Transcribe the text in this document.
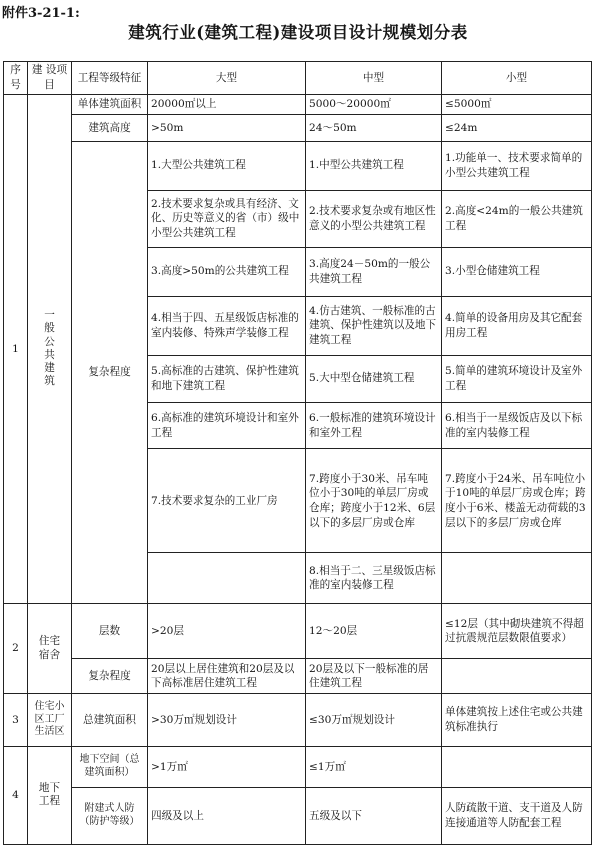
附件3-21-1:
建筑行业(建筑工程)建设项目设计规模划分表
序号	建 设项 目	工程等级特征	大型	中型	小型
1	一般公共建筑	单体建筑面积	20000㎡以上	5000～20000㎡	≤5000㎡
		建筑高度	>50m	24～50m	≤24m
		复杂程度	1.大型公共建筑工程	1.中型公共建筑工程	1.功能单一、技术要求简单的小型公共建筑工程
			2.技术要求复杂或具有经济、文化、历史等意义的省（市）级中小型公共建筑工程	2.技术要求复杂或有地区性意义的小型公共建筑工程	2.高度<24m的一般公共建筑工程
			3.高度>50m的公共建筑工程	3.高度24－50m的一般公共建筑工程	3.小型仓储建筑工程
			4.相当于四、五星级饭店标准的室内装修、特殊声学装修工程	4.仿古建筑、一般标准的古建筑、保护性建筑以及地下建筑工程	4.简单的设备用房及其它配套用房工程
			5.高标准的古建筑、保护性建筑和地下建筑工程	5.大中型仓储建筑工程	5.简单的建筑环境设计及室外工程
			6.高标准的建筑环境设计和室外工程	6.一般标准的建筑环境设计和室外工程	6.相当于一星级饭店及以下标准的室内装修工程
			7.技术要求复杂的工业厂房	7.跨度小于30米、吊车吨位小于30吨的单层厂房或仓库；跨度小于12米、6层以下的多层厂房或仓库	7.跨度小于24米、吊车吨位小于10吨的单层厂房或仓库；跨度小于6米、楼盖无动荷载的3层以下的多层厂房或仓库
				8.相当于二、三星级饭店标准的室内装修工程	
2	住宅宿舍	层数	>20层	12～20层	≤12层（其中砌块建筑不得超过抗震规范层数限值要求）
		复杂程度	20层以上居住建筑和20层及以下高标准居住建筑工程	20层及以下一般标准的居住建筑工程	
3	住宅小区工厂生活区	总建筑面积	>30万㎡规划设计	≤30万㎡规划设计	单体建筑按上述住宅或公共建筑标准执行
4	地下工程	地下空间（总建筑面积）	>1万㎡	≤1万㎡	
		附建式人防（防护等级）	四级及以上	五级及以下	人防疏散干道、支干道及人防连接通道等人防配套工程
